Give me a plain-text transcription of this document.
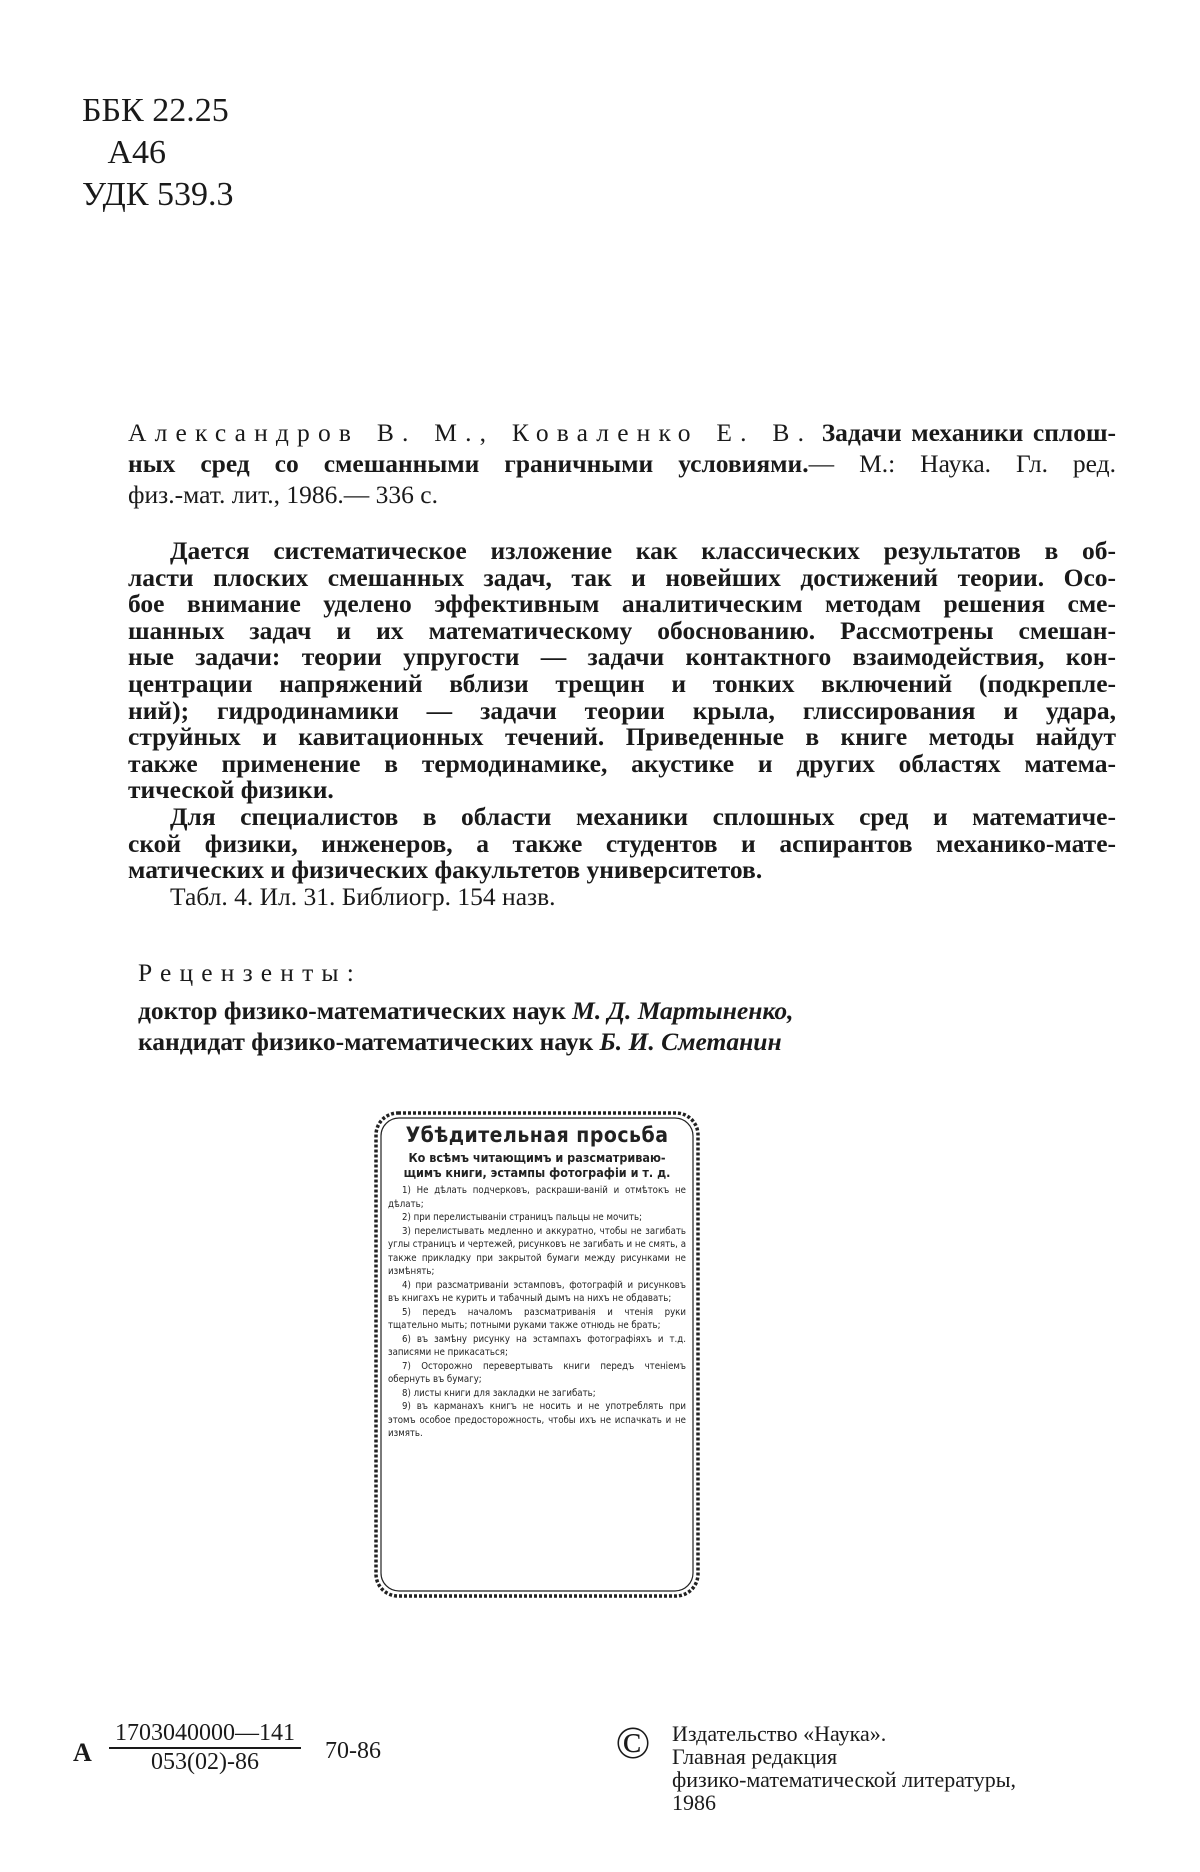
ББК 22.25
А46
УДК 539.3
Александров В. М., Коваленко Е. В. Задачи механики сплош-
ных сред со смешанными граничными условиями.— М.: Наука. Гл. ред.
физ.-мат. лит., 1986.— 336 с.
Дается систематическое изложение как классических результатов в об-
ласти плоских смешанных задач, так и новейших достижений теории. Осо-
бое внимание уделено эффективным аналитическим методам решения сме-
шанных задач и их математическому обоснованию. Рассмотрены смешан-
ные задачи: теории упругости — задачи контактного взаимодействия, кон-
центрации напряжений вблизи трещин и тонких включений (подкрепле-
ний); гидродинамики — задачи теории крыла, глиссирования и удара,
струйных и кавитационных течений. Приведенные в книге методы найдут
также применение в термодинамике, акустике и других областях матема-
тической физики.
Для специалистов в области механики сплошных сред и математиче-
ской физики, инженеров, а также студентов и аспирантов механико-мате-
матических и физических факультетов университетов.
Табл. 4. Ил. 31. Библиогр. 154 назв.
Рецензенты:
доктор физико-математических наук М. Д. Мартыненко,
кандидат физико-математических наук Б. И. Сметанин
Убѣдительная просьба
Ко всѣмъ читающимъ и разсматриваю-
щимъ книги, эстампы фотографіи и т. д.
1) Не дѣлать подчерковъ, раскраши-ваній и отмѣтокъ не дѣлать;
2) при перелистываніи страницъ пальцы не мочить;
3) перелистывать медленно и аккуратно, чтобы не загибать углы страницъ и чертежей, рисунковъ не загибать и не смять, а также прикладку при закрытой бумаги между рисунками не измѣнять;
4) при разсматриваніи эстамповъ, фотографій и рисунковъ въ книгахъ не курить и табачный дымъ на нихъ не обдавать;
5) передъ началомъ разсматриванія и чтенія руки тщательно мыть; потными руками также отнюдь не брать;
6) въ замѣну рисунку на эстампахъ фотографіяхъ и т.д. записями не прикасаться;
7) Осторожно перевертывать книги передъ чтеніемъ обернуть въ бумагу;
8) листы книги для закладки не загибать;
9) въ карманахъ книгъ не носить и не употреблять при этомъ особое предосторожность, чтобы ихъ не испачкать и не измять.
А $\frac{1703040000—141}{053(02)-86} 70-86$	© Издательство «Наука».
Главная редакция
физико-математической литературы,
1986
